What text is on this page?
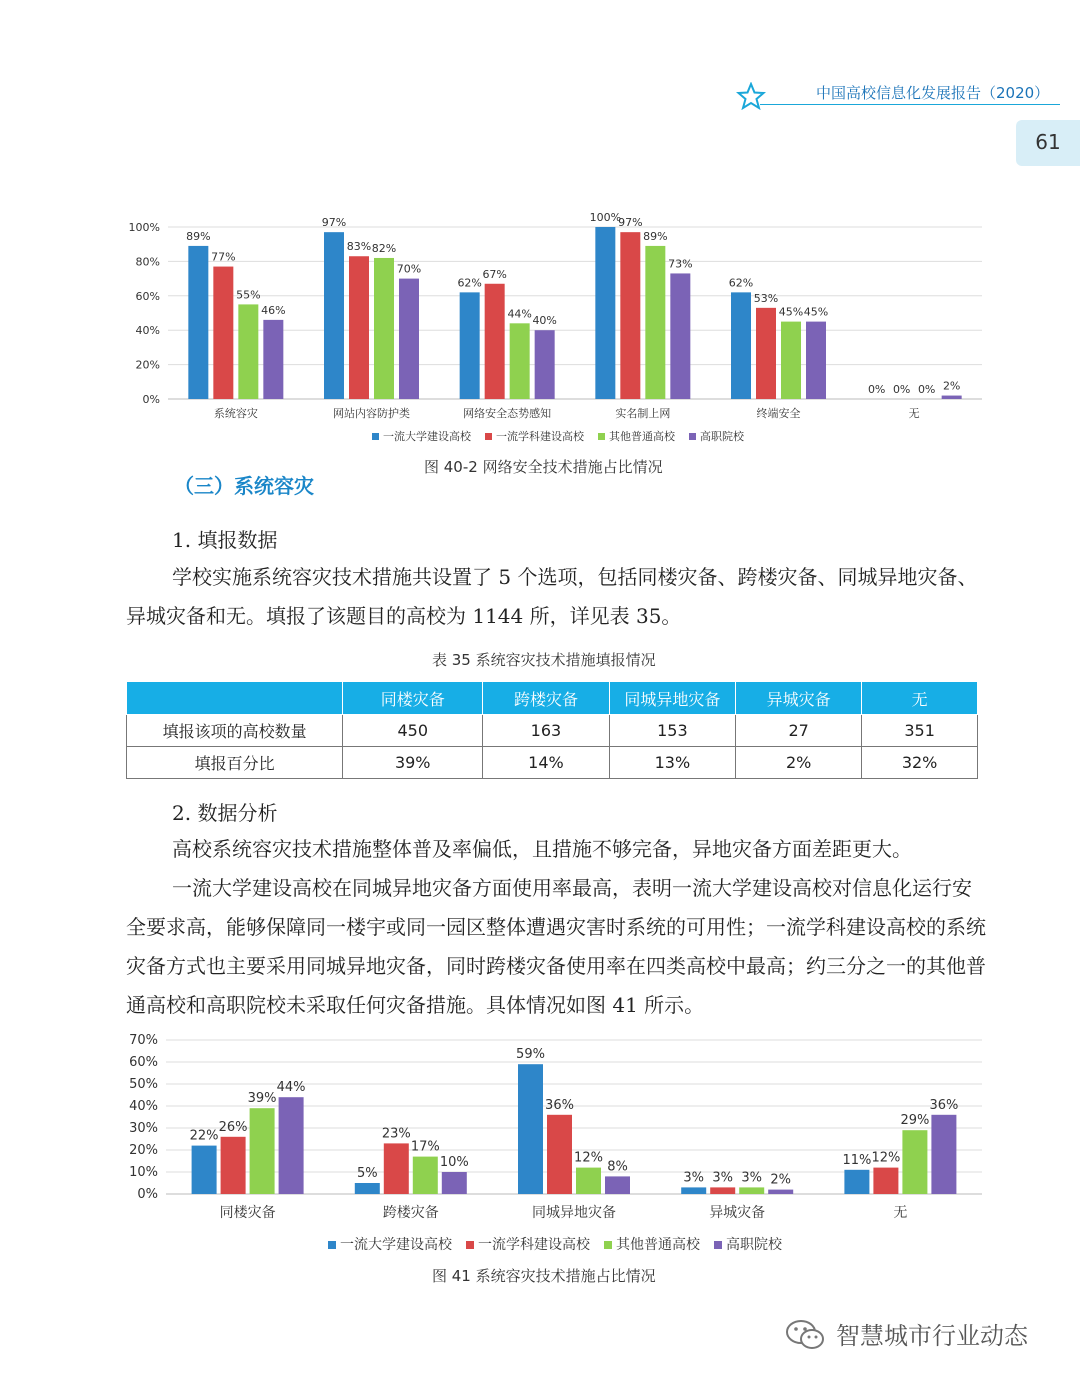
中国高校信息化发展报告（2020）
61
0%
20%
40%
60%
80%
100%
89%
77%
55%
46%
系统容灾
97%
83% 82%
70%
网站内容防护类
62%
67%
44%
40%
网络安全态势感知
100%
97%
89%
73%
实名制上网
62%
53%
45% 45%
终端安全
0% 0% 0% 2%
无
一流大学建设高校 一流学科建设高校 其他普通高校 高职院校
图 40-2 网络安全技术措施占比情况
（三）系统容灾
1. 填报数据

学校实施系统容灾技术措施共设置了 5 个选项，包括同楼灾备、跨楼灾备、同城异地灾备、异城灾备和无。填报了该题目的高校为 1144 所，详见表 35。

表 35 系统容灾技术措施填报情况
	同楼灾备	跨楼灾备	同城异地灾备	异城灾备	无
填报该项的高校数量	450	163	153	27	351
填报百分比	39%	14%	13%	2%	32%
2. 数据分析

高校系统容灾技术措施整体普及率偏低，且措施不够完备，异地灾备方面差距更大。

一流大学建设高校在同城异地灾备方面使用率最高，表明一流大学建设高校对信息化运行安全要求高，能够保障同一楼宇或同一园区整体遭遇灾害时系统的可用性；一流学科建设高校的系统灾备方式也主要采用同城异地灾备，同时跨楼灾备使用率在四类高校中最高；约三分之一的其他普通高校和高职院校未采取任何灾备措施。具体情况如图 41 所示。

0%
10%
20%
30%
40%
50%
60%
70%
22%
26%
39%
44%
同楼灾备
5%
23%
17%
10%
跨楼灾备
59%
36%
12%
8%
同城异地灾备
3% 3% 3% 2%
异城灾备
11% 12%
29%
36%
无
一流大学建设高校 一流学科建设高校 其他普通高校 高职院校
图 41 系统容灾技术措施占比情况
智慧城市行业动态
